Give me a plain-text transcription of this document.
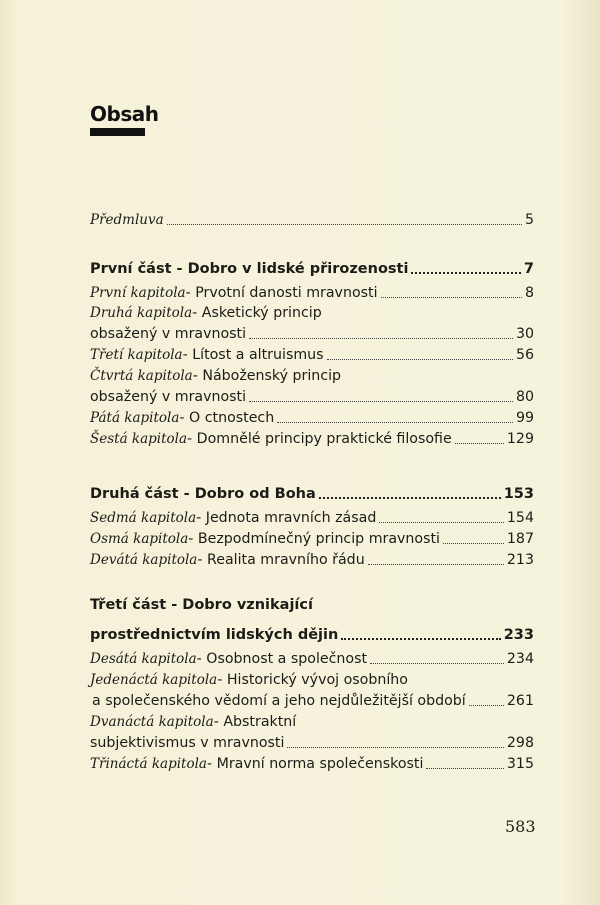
Obsah
Předmluva	5
První část - Dobro v lidské přirozenosti	7
První kapitola - Prvotní danosti mravnosti	8
Druhá kapitola - Asketický princip
obsažený v mravnosti	30
Třetí kapitola - Lítost a altruismus	56
Čtvrtá kapitola - Náboženský princip
obsažený v mravnosti	80
Pátá kapitola - O ctnostech	99
Šestá kapitola - Domnělé principy praktické filosofie	129
Druhá část - Dobro od Boha	153
Sedmá kapitola - Jednota mravních zásad	154
Osmá kapitola - Bezpodmínečný princip mravnosti	187
Devátá kapitola - Realita mravního řádu	213
Třetí část - Dobro vznikající
prostřednictvím lidských dějin	233
Desátá kapitola - Osobnost a společnost	234
Jedenáctá kapitola - Historický vývoj osobního
a společenského vědomí a jeho nejdůležitější období	261
Dvanáctá kapitola - Abstraktní
subjektivismus v mravnosti	298
Třináctá kapitola - Mravní norma společenskosti	315
583
